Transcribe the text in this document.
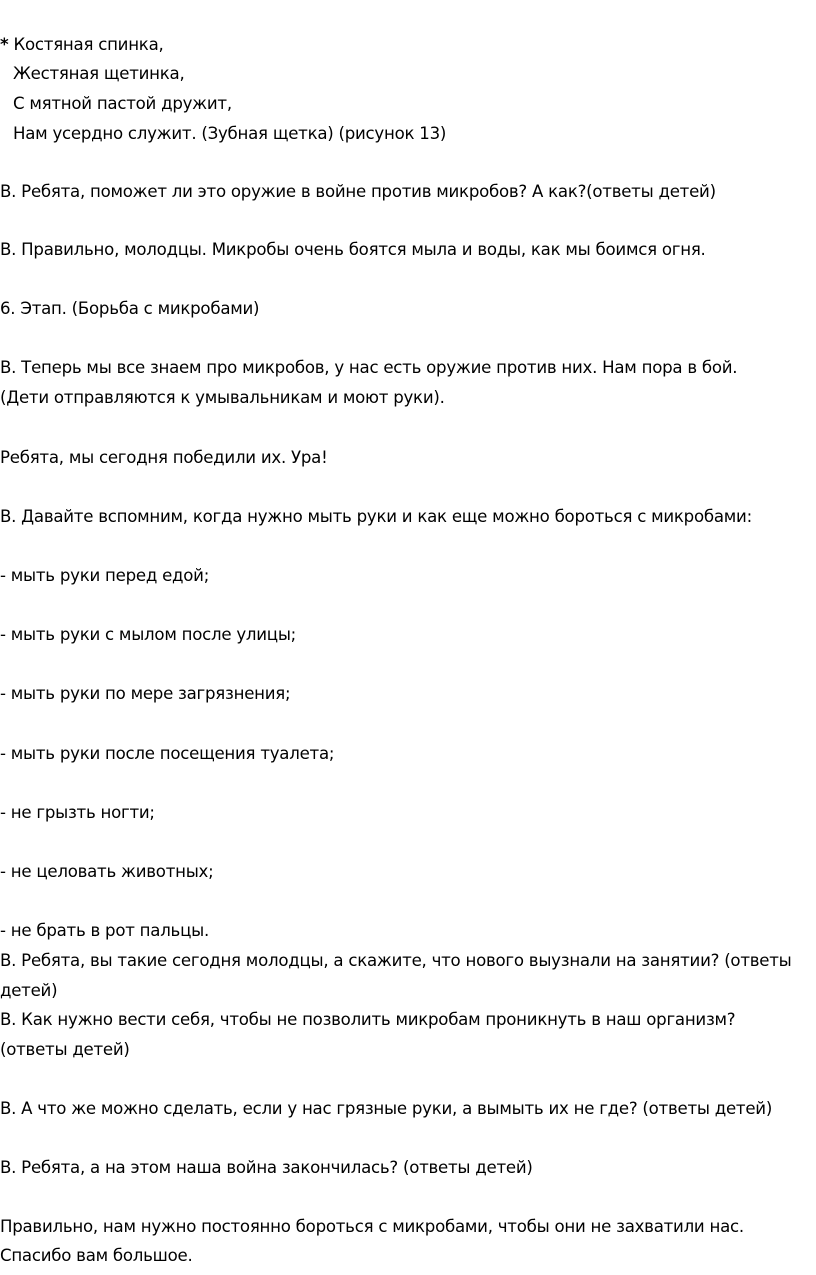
* Костяная спинка,
Жестяная щетинка,
С мятной пастой дружит,
Нам усердно служит. (Зубная щетка) (рисунок 13)
В. Ребята, поможет ли это оружие в войне против микробов? А как?(ответы детей)
В. Правильно, молодцы. Микробы очень боятся мыла и воды, как мы боимся огня.
6. Этап. (Борьба с микробами)
В. Теперь мы все знаем про микробов, у нас есть оружие против них. Нам пора в бой.
(Дети отправляются к умывальникам и моют руки).
Ребята, мы сегодня победили их. Ура!
В. Давайте вспомним, когда нужно мыть руки и как еще можно бороться с микробами:
- мыть руки перед едой;
- мыть руки с мылом после улицы;
- мыть руки по мере загрязнения;
- мыть руки после посещения туалета;
- не грызть ногти;
- не целовать животных;
- не брать в рот пальцы.
В. Ребята, вы такие сегодня молодцы, а скажите, что нового выузнали на занятии? (ответы
детей)
В. Как нужно вести себя, чтобы не позволить микробам проникнуть в наш организм?
(ответы детей)
В. А что же можно сделать, если у нас грязные руки, а вымыть их не где? (ответы детей)
В. Ребята, а на этом наша война закончилась? (ответы детей)
Правильно, нам нужно постоянно бороться с микробами, чтобы они не захватили нас.
Спасибо вам большое.
